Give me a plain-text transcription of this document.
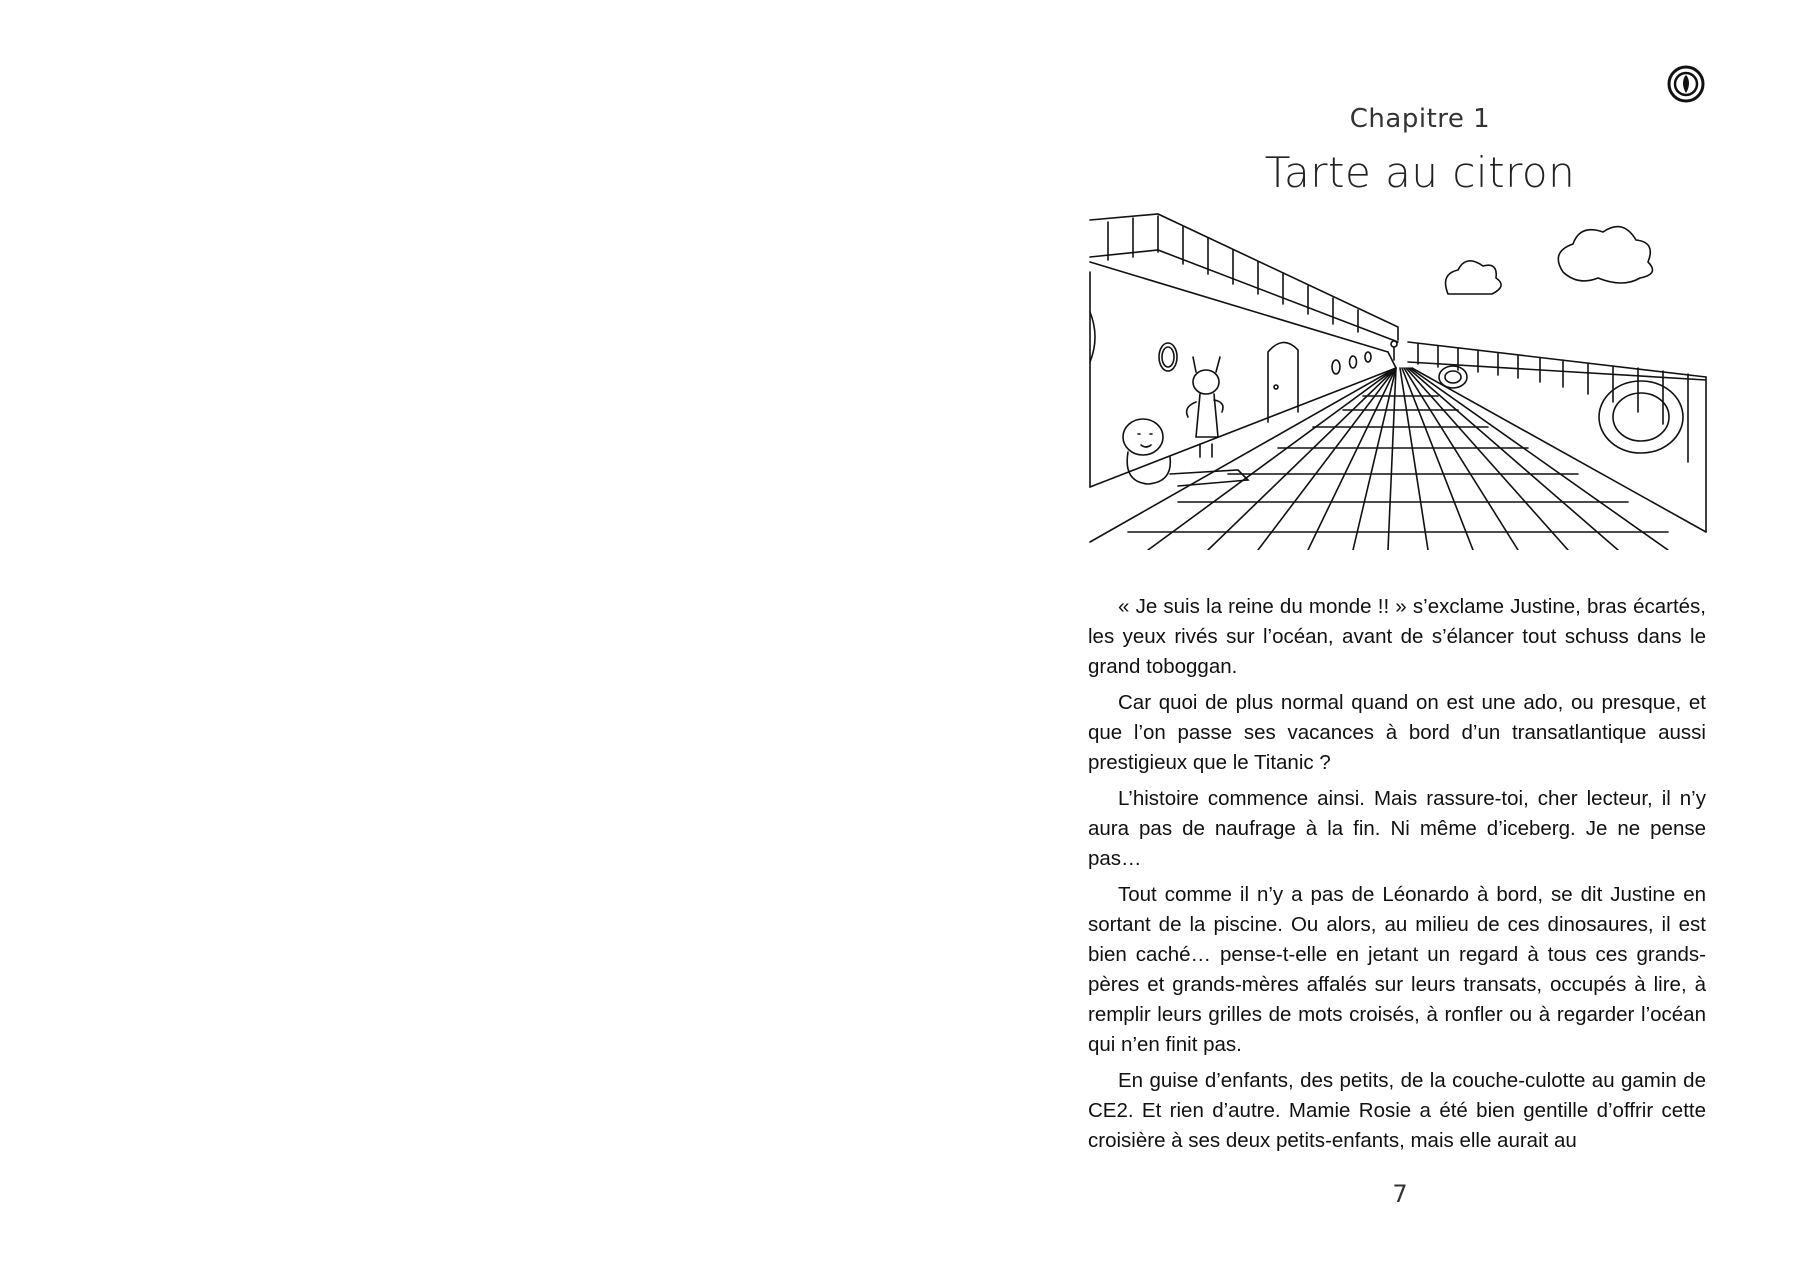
Chapitre 1
Tarte au citron

« Je suis la reine du monde !! » s’exclame Justine, bras écartés, les yeux rivés sur l’océan, avant de s’élancer tout schuss dans le grand toboggan.

Car quoi de plus normal quand on est une ado, ou presque, et que l’on passe ses vacances à bord d’un transatlantique aussi prestigieux que le Titanic ?

L’histoire commence ainsi. Mais rassure-toi, cher lecteur, il n’y aura pas de naufrage à la fin. Ni même d’iceberg. Je ne pense pas…

Tout comme il n’y a pas de Léonardo à bord, se dit Justine en sortant de la piscine. Ou alors, au milieu de ces dinosaures, il est bien caché… pense-t-elle en jetant un regard à tous ces grands-pères et grands-mères affalés sur leurs transats, occupés à lire, à remplir leurs grilles de mots croisés, à ronfler ou à regarder l’océan qui n’en finit pas.

En guise d’enfants, des petits, de la couche-culotte au gamin de CE2. Et rien d’autre. Mamie Rosie a été bien gentille d’offrir cette croisière à ses deux petits-enfants, mais elle aurait au

7
